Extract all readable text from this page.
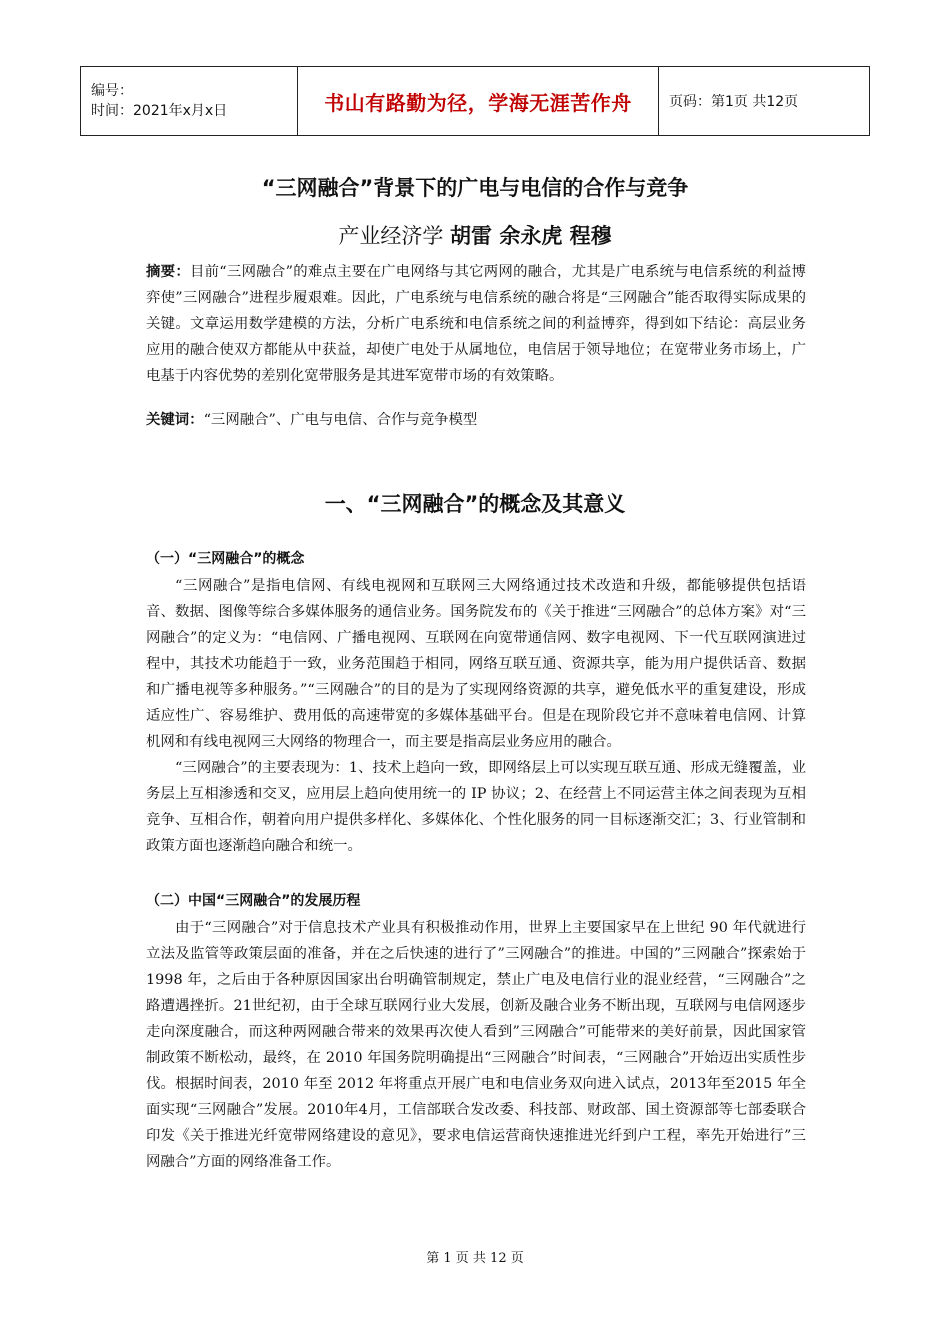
编号：
时间：2021年x月x日	书山有路勤为径，学海无涯苦作舟	页码：第1页 共12页
“三网融合”背景下的广电与电信的合作与竞争
产业经济学 胡雷 余永虎 程穆
摘要：目前“三网融合”的难点主要在广电网络与其它两网的融合，尤其是广电系统与电信系统的利益博弈使”三网融合”进程步履艰难。因此，广电系统与电信系统的融合将是“三网融合”能否取得实际成果的关键。文章运用数学建模的方法，分析广电系统和电信系统之间的利益博弈，得到如下结论：高层业务应用的融合使双方都能从中获益，却使广电处于从属地位，电信居于领导地位；在宽带业务市场上，广电基于内容优势的差别化宽带服务是其进军宽带市场的有效策略。
关键词：“三网融合”、广电与电信、合作与竞争模型
一、“三网融合”的概念及其意义
（一）“三网融合”的概念

“三网融合”是指电信网、有线电视网和互联网三大网络通过技术改造和升级，都能够提供包括语音、数据、图像等综合多媒体服务的通信业务。国务院发布的《关于推进“三网融合”的总体方案》对“三网融合”的定义为：“电信网、广播电视网、互联网在向宽带通信网、数字电视网、下一代互联网演进过程中，其技术功能趋于一致，业务范围趋于相同，网络互联互通、资源共享，能为用户提供话音、数据和广播电视等多种服务。”“三网融合”的目的是为了实现网络资源的共享，避免低水平的重复建设，形成适应性广、容易维护、费用低的高速带宽的多媒体基础平台。但是在现阶段它并不意味着电信网、计算机网和有线电视网三大网络的物理合一，而主要是指高层业务应用的融合。

“三网融合”的主要表现为：1、技术上趋向一致，即网络层上可以实现互联互通、形成无缝覆盖，业务层上互相渗透和交叉，应用层上趋向使用统一的 IP 协议；2、在经营上不同运营主体之间表现为互相竞争、互相合作，朝着向用户提供多样化、多媒体化、个性化服务的同一目标逐渐交汇；3、行业管制和政策方面也逐渐趋向融合和统一。

（二）中国“三网融合”的发展历程

由于“三网融合”对于信息技术产业具有积极推动作用，世界上主要国家早在上世纪 90 年代就进行立法及监管等政策层面的准备，并在之后快速的进行了”三网融合”的推进。中国的”三网融合”探索始于 1998 年，之后由于各种原因国家出台明确管制规定，禁止广电及电信行业的混业经营，“三网融合”之路遭遇挫折。21世纪初，由于全球互联网行业大发展，创新及融合业务不断出现，互联网与电信网逐步走向深度融合，而这种两网融合带来的效果再次使人看到”三网融合”可能带来的美好前景，因此国家管制政策不断松动，最终，在 2010 年国务院明确提出“三网融合”时间表，“三网融合”开始迈出实质性步伐。根据时间表，2010 年至 2012 年将重点开展广电和电信业务双向进入试点，2013年至2015 年全面实现“三网融合”发展。2010年4月，工信部联合发改委、科技部、财政部、国土资源部等七部委联合印发《关于推进光纤宽带网络建设的意见》，要求电信运营商快速推进光纤到户工程，率先开始进行”三网融合”方面的网络准备工作。

第 1 页 共 12 页
